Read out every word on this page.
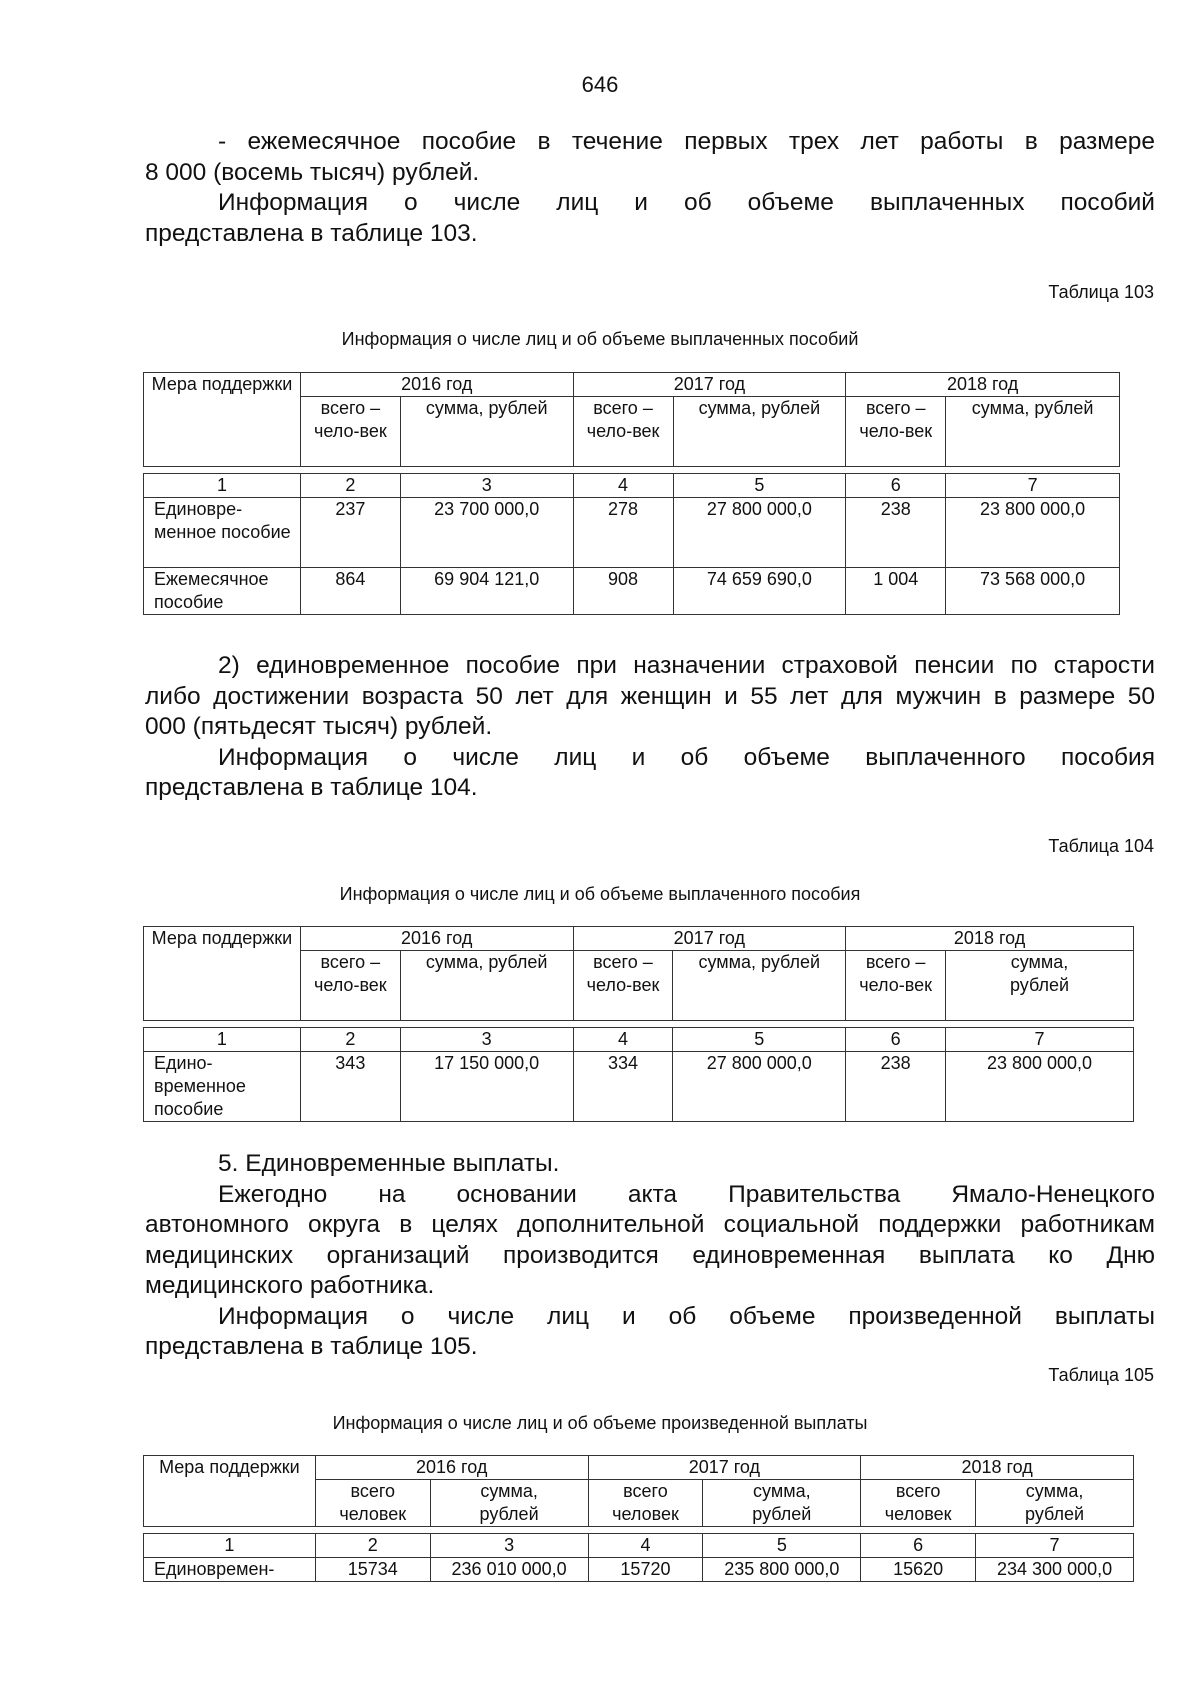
646
- ежемесячное пособие в течение первых трех лет работы в размере
8 000 (восемь тысяч) рублей.
Информация о числе лиц и об объеме выплаченных пособий
представлена в таблице 103.
Таблица 103
Информация о числе лиц и об объеме выплаченных пособий
Мера поддержки	2016 год		2017 год		2018 год	
	всего – чело-век	сумма, рублей	всего – чело-век	сумма, рублей	всего – чело-век	сумма, рублей

1	2	3	4	5	6	7
Единовре-менное пособие	237	23 700 000,0	278	27 800 000,0	238	23 800 000,0
Ежемесячное пособие	864	69 904 121,0	908	74 659 690,0	1 004	73 568 000,0
2) единовременное пособие при назначении страховой пенсии по старости
либо достижении возраста 50 лет для женщин и 55 лет для мужчин в размере 50
000 (пятьдесят тысяч) рублей.
Информация о числе лиц и об объеме выплаченного пособия
представлена в таблице 104.
Таблица 104
Информация о числе лиц и об объеме выплаченного пособия
Мера поддержки	2016 год		2017 год		2018 год	
	всего – чело-век	сумма, рублей	всего – чело-век	сумма, рублей	всего – чело-век	сумма, рублей

1	2	3	4	5	6	7
Едино-временное пособие	343	17 150 000,0	334	27 800 000,0	238	23 800 000,0
5. Единовременные выплаты.
Ежегодно на основании акта Правительства Ямало-Ненецкого
автономного округа в целях дополнительной социальной поддержки работникам
медицинских организаций производится единовременная выплата ко Дню
медицинского работника.
Информация о числе лиц и об объеме произведенной выплаты
представлена в таблице 105.
Таблица 105
Информация о числе лиц и об объеме произведенной выплаты
Мера поддержки	2016 год		2017 год		2018 год	
	всего человек	сумма, рублей	всего человек	сумма, рублей	всего человек	сумма, рублей

1	2	3	4	5	6	7
Единовремен-	15734	236 010 000,0	15720	235 800 000,0	15620	234 300 000,0
